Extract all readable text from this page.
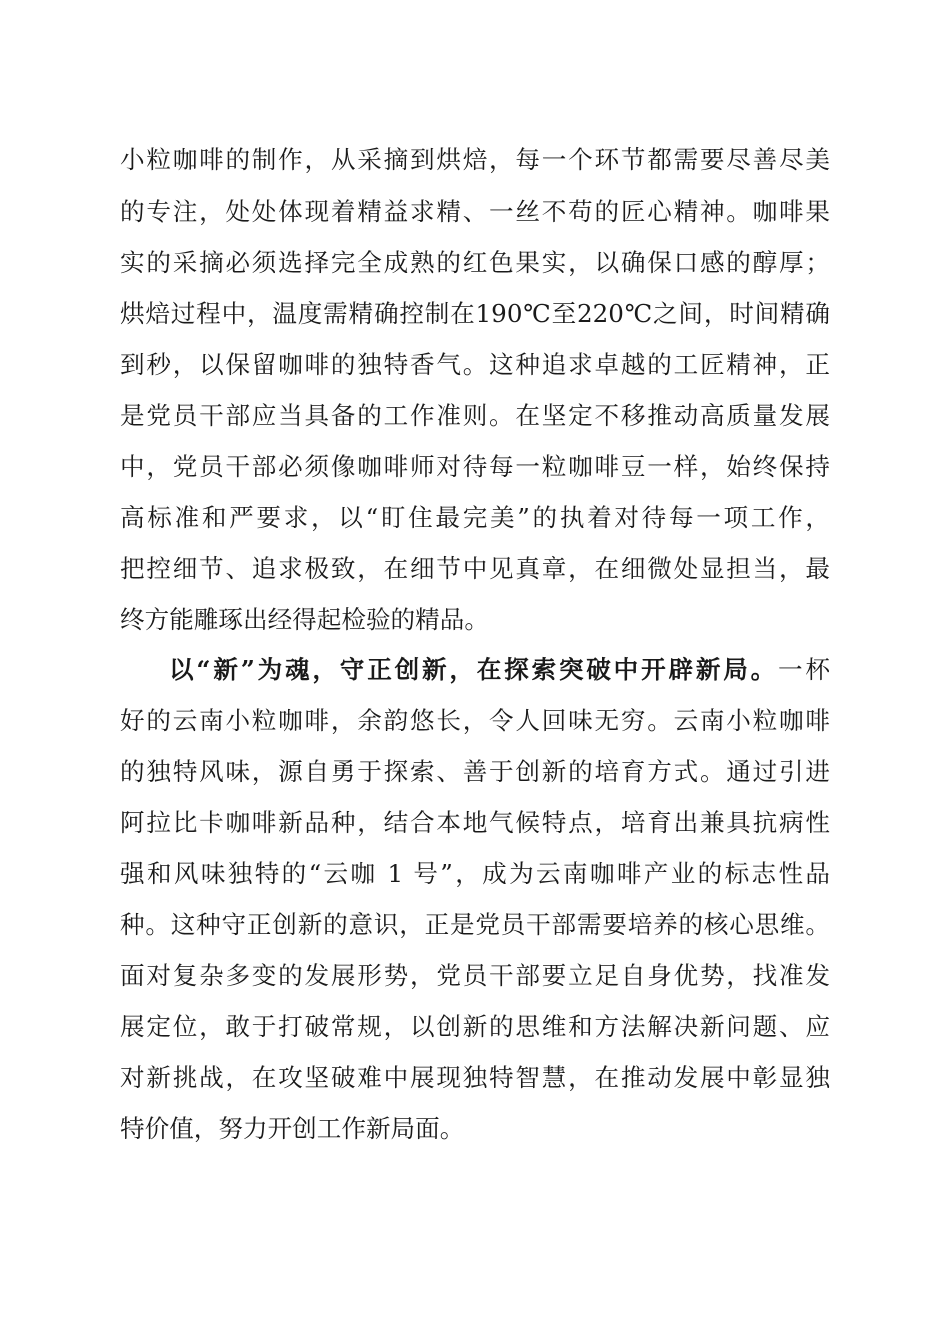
小粒咖啡的制作，从采摘到烘焙，每一个环节都需要尽善尽美
的专注，处处体现着精益求精、一丝不苟的匠心精神。咖啡果
实的采摘必须选择完全成熟的红色果实，以确保口感的醇厚；
烘焙过程中，温度需精确控制在190℃至220℃之间，时间精确
到秒，以保留咖啡的独特香气。这种追求卓越的工匠精神，正
是党员干部应当具备的工作准则。在坚定不移推动高质量发展
中，党员干部必须像咖啡师对待每一粒咖啡豆一样，始终保持
高标准和严要求，以“盯住最完美”的执着对待每一项工作，
把控细节、追求极致，在细节中见真章，在细微处显担当，最
终方能雕琢出经得起检验的精品。
以“新”为魂，守正创新，在探索突破中开辟新局。一杯
好的云南小粒咖啡，余韵悠长，令人回味无穷。云南小粒咖啡
的独特风味，源自勇于探索、善于创新的培育方式。通过引进
阿拉比卡咖啡新品种，结合本地气候特点，培育出兼具抗病性
强和风味独特的“云咖 1 号”，成为云南咖啡产业的标志性品
种。这种守正创新的意识，正是党员干部需要培养的核心思维。
面对复杂多变的发展形势，党员干部要立足自身优势，找准发
展定位，敢于打破常规，以创新的思维和方法解决新问题、应
对新挑战，在攻坚破难中展现独特智慧，在推动发展中彰显独
特价值，努力开创工作新局面。
